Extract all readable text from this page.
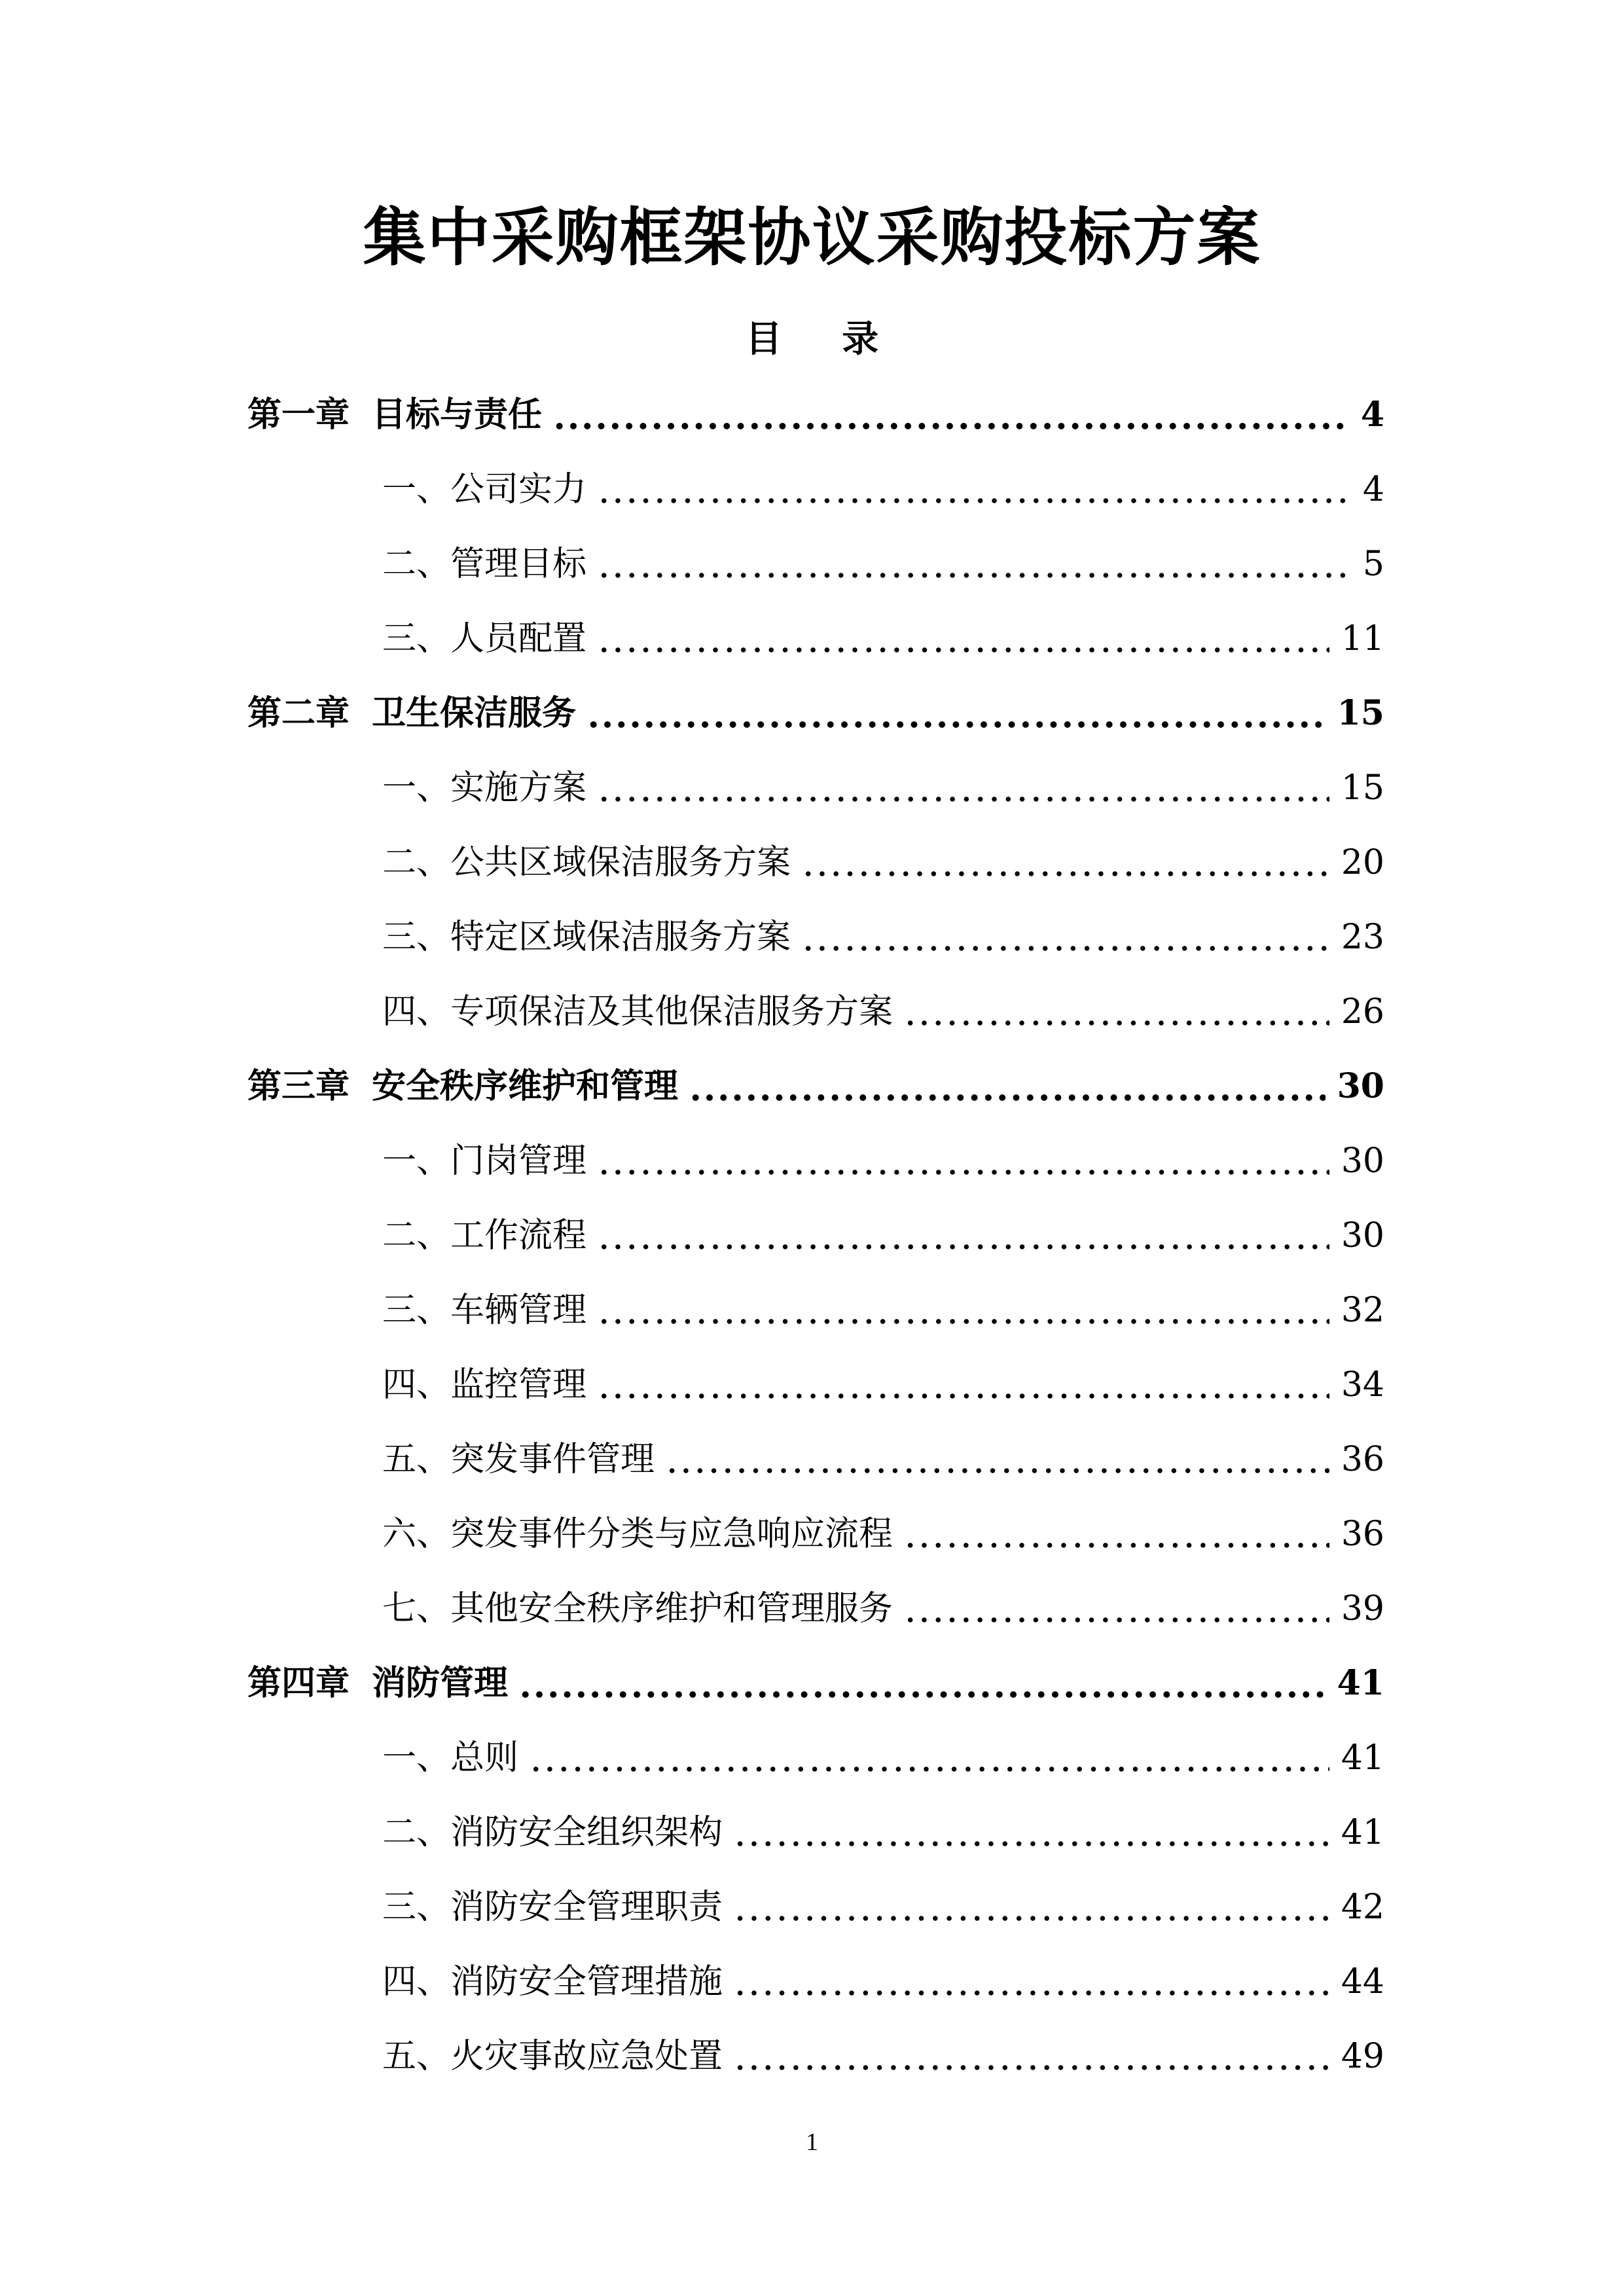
集中采购框架协议采购投标方案
目 录
第一章 目标与责任	4
一、公司实力	4
二、管理目标	5
三、人员配置	11
第二章 卫生保洁服务	15
一、实施方案	15
二、公共区域保洁服务方案	20
三、特定区域保洁服务方案	23
四、专项保洁及其他保洁服务方案	26
第三章 安全秩序维护和管理	30
一、门岗管理	30
二、工作流程	30
三、车辆管理	32
四、监控管理	34
五、突发事件管理	36
六、突发事件分类与应急响应流程	36
七、其他安全秩序维护和管理服务	39
第四章 消防管理	41
一、总则	41
二、消防安全组织架构	41
三、消防安全管理职责	42
四、消防安全管理措施	44
五、火灾事故应急处置	49
1
